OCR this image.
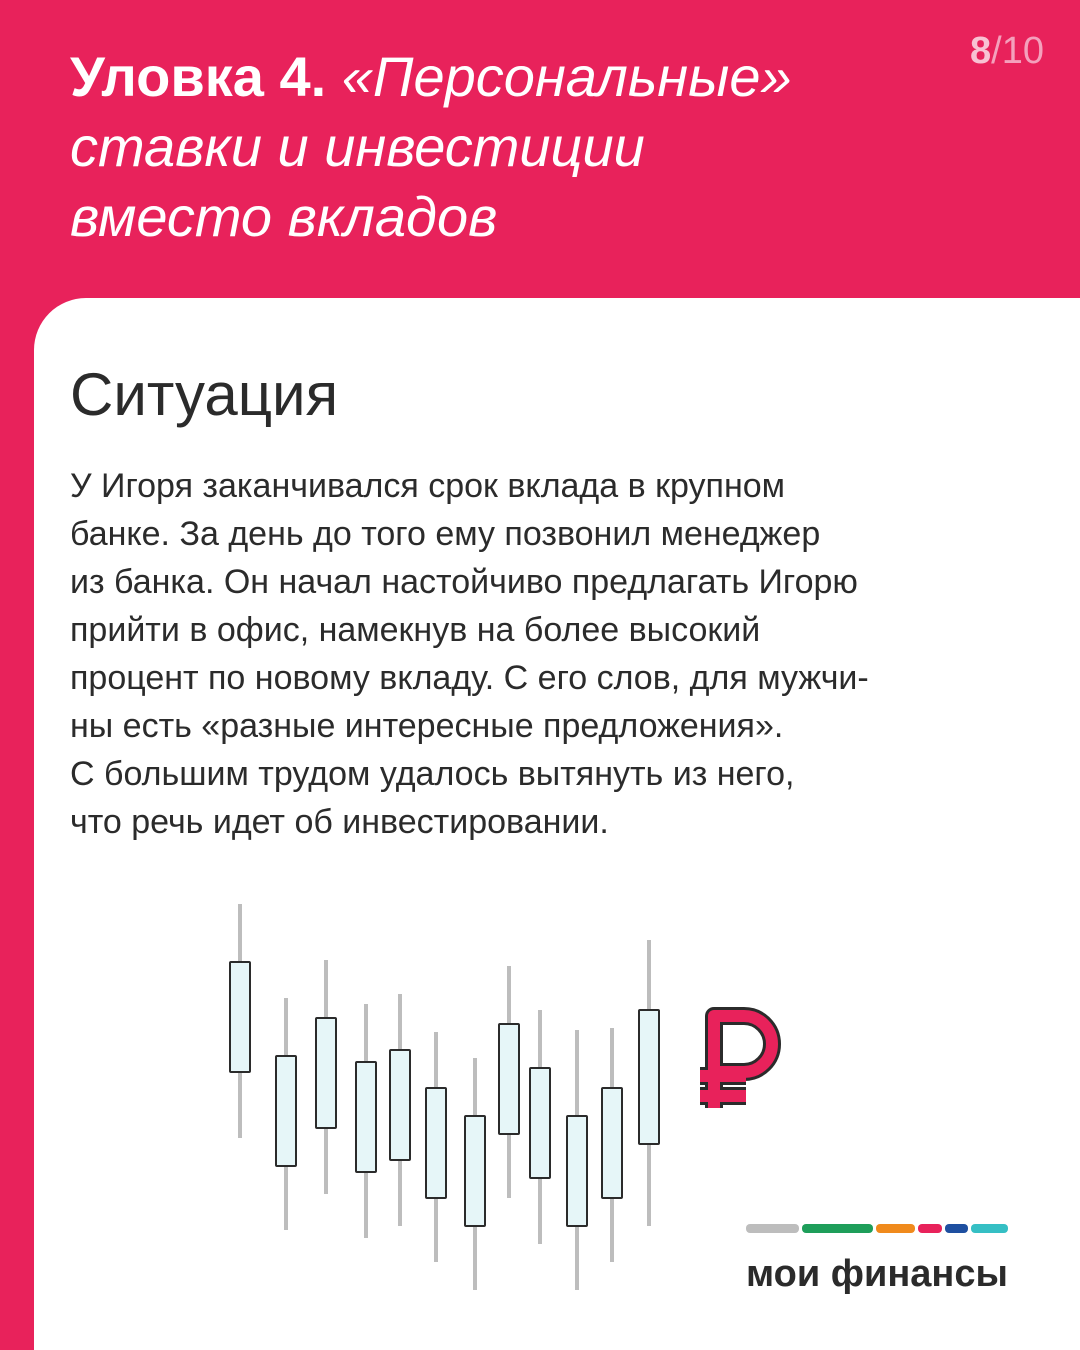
Уловка 4. «Персональные»
ставки и инвестиции
вместо вкладов
8/10
Ситуация
У Игоря заканчивался срок вклада в крупном
банке. За день до того ему позвонил менеджер
из банка. Он начал настойчиво предлагать Игорю
прийти в офис, намекнув на более высокий
процент по новому вкладу. С его слов, для мужчи-
ны есть «разные интересные предложения».
С большим трудом удалось вытянуть из него,
что речь идет об инвестировании.
мои финансы
